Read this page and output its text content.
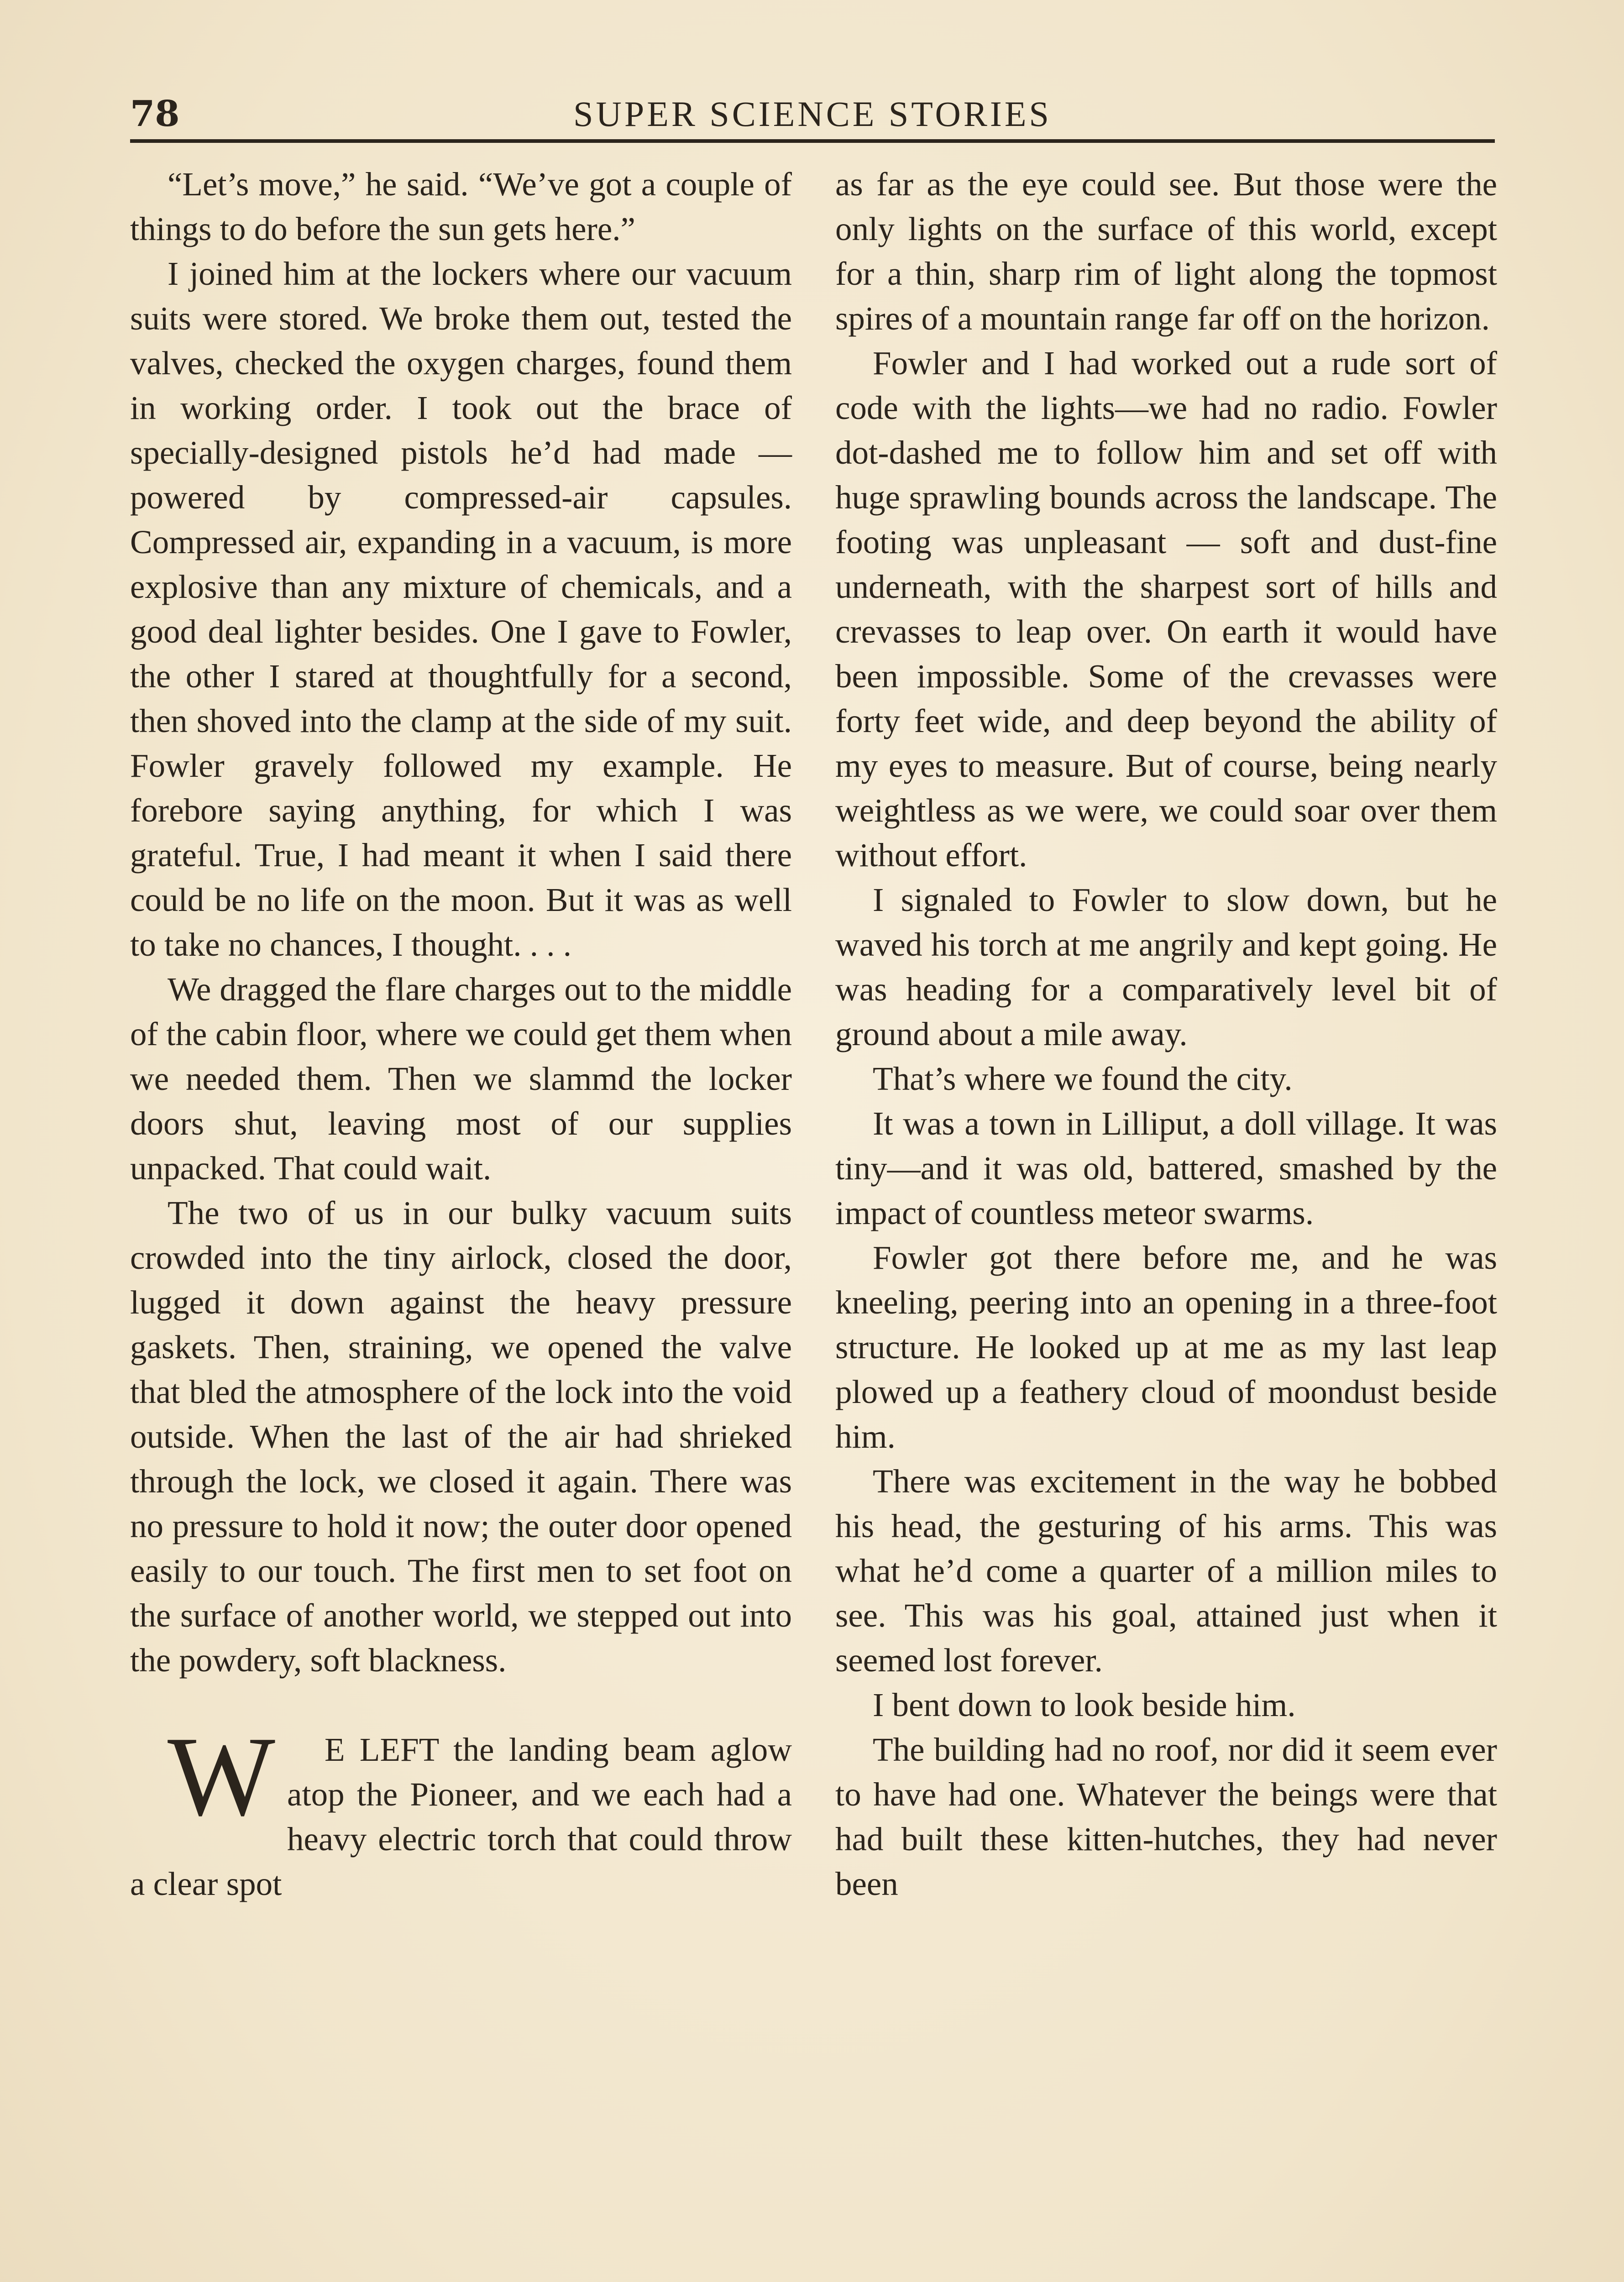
78	SUPER SCIENCE STORIES

“Let’s move,” he said. “We’ve got a couple of things to do before the sun gets here.”

I joined him at the lockers where our vacuum suits were stored. We broke them out, tested the valves, checked the oxygen charges, found them in working order. I took out the brace of specially-designed pistols he’d had made — powered by compressed-air capsules. Compressed air, expanding in a vacuum, is more explosive than any mixture of chemicals, and a good deal lighter besides. One I gave to Fowler, the other I stared at thoughtfully for a second, then shoved into the clamp at the side of my suit. Fowler gravely followed my example. He forebore saying anything, for which I was grateful. True, I had meant it when I said there could be no life on the moon. But it was as well to take no chances, I thought. . . .

We dragged the flare charges out to the middle of the cabin floor, where we could get them when we needed them. Then we slammd the locker doors shut, leaving most of our supplies unpacked. That could wait.

The two of us in our bulky vacuum suits crowded into the tiny airlock, closed the door, lugged it down against the heavy pressure gaskets. Then, straining, we opened the valve that bled the atmosphere of the lock into the void outside. When the last of the air had shrieked through the lock, we closed it again. There was no pressure to hold it now; the outer door opened easily to our touch. The first men to set foot on the surface of another world, we stepped out into the powdery, soft blackness.

W E LEFT the landing beam aglow atop the Pioneer, and we each had a heavy electric torch that could throw a clear spot

as far as the eye could see. But those were the only lights on the surface of this world, except for a thin, sharp rim of light along the topmost spires of a mountain range far off on the horizon.

Fowler and I had worked out a rude sort of code with the lights—we had no radio. Fowler dot-dashed me to follow him and set off with huge sprawling bounds across the landscape. The footing was unpleasant — soft and dust-fine underneath, with the sharpest sort of hills and crevasses to leap over. On earth it would have been impossible. Some of the crevasses were forty feet wide, and deep beyond the ability of my eyes to measure. But of course, being nearly weightless as we were, we could soar over them without effort.

I signaled to Fowler to slow down, but he waved his torch at me angrily and kept going. He was heading for a comparatively level bit of ground about a mile away.

That’s where we found the city.

It was a town in Lilliput, a doll village. It was tiny—and it was old, battered, smashed by the impact of countless meteor swarms.

Fowler got there before me, and he was kneeling, peering into an opening in a three-foot structure. He looked up at me as my last leap plowed up a feathery cloud of moondust beside him.

There was excitement in the way he bobbed his head, the gesturing of his arms. This was what he’d come a quarter of a million miles to see. This was his goal, attained just when it seemed lost forever.

I bent down to look beside him.

The building had no roof, nor did it seem ever to have had one. Whatever the beings were that had built these kitten-hutches, they had never been
